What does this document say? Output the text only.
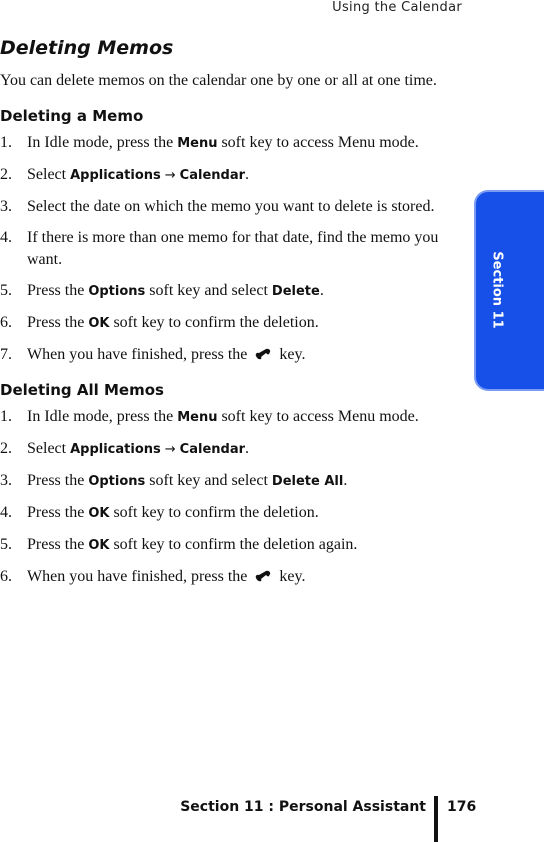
Using the Calendar
Section 11
Deleting Memos

You can delete memos on the calendar one by one or all at one time.

Deleting a Memo
1. In Idle mode, press the Menu soft key to access Menu mode.
2. Select Applications → Calendar.
3. Select the date on which the memo you want to delete is stored.
4. If there is more than one memo for that date, find the memo you want.
5. Press the Options soft key and select Delete.
6. Press the OK soft key to confirm the deletion.
7. When you have finished, press the  key.
Deleting All Memos
1. In Idle mode, press the Menu soft key to access Menu mode.
2. Select Applications → Calendar.
3. Press the Options soft key and select Delete All.
4. Press the OK soft key to confirm the deletion.
5. Press the OK soft key to confirm the deletion again.
6. When you have finished, press the  key.
Section 11 : Personal Assistant 176
